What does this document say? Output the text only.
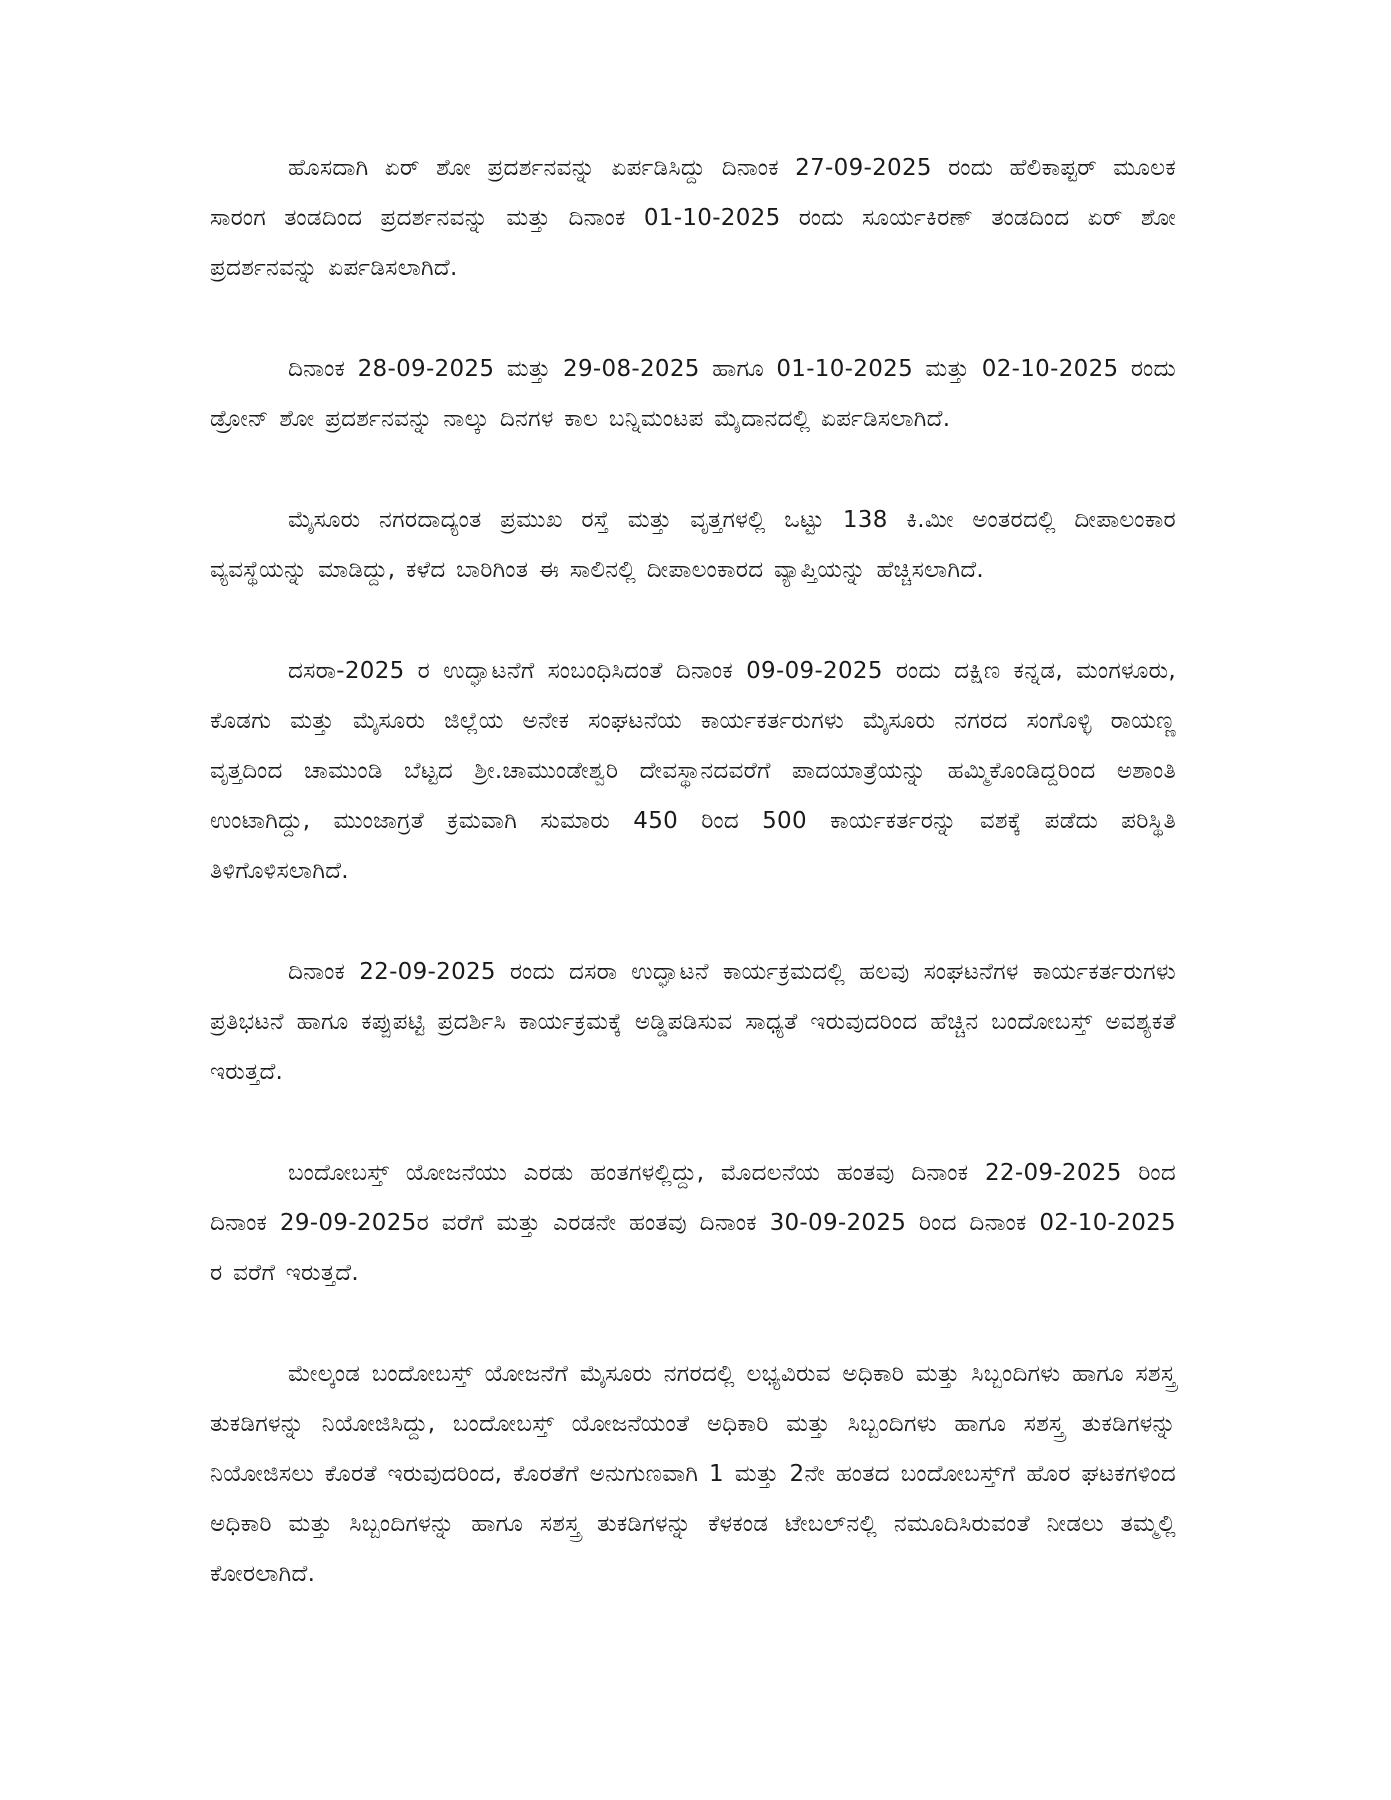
ಹೊಸದಾಗಿ ಏರ್ ಶೋ ಪ್ರದರ್ಶನವನ್ನು ಏರ್ಪಡಿಸಿದ್ದು ದಿನಾಂಕ 27-09-2025 ರಂದು ಹೆಲಿಕಾಪ್ಟರ್ ಮೂಲಕ ಸಾರಂಗ ತಂಡದಿಂದ ಪ್ರದರ್ಶನವನ್ನು ಮತ್ತು ದಿನಾಂಕ 01-10-2025 ರಂದು ಸೂರ್ಯಕಿರಣ್ ತಂಡದಿಂದ ಏರ್ ಶೋ ಪ್ರದರ್ಶನವನ್ನು ಏರ್ಪಡಿಸಲಾಗಿದೆ.

ದಿನಾಂಕ 28-09-2025 ಮತ್ತು 29-08-2025 ಹಾಗೂ 01-10-2025 ಮತ್ತು 02-10-2025 ರಂದು ಡ್ರೋನ್ ಶೋ ಪ್ರದರ್ಶನವನ್ನು ನಾಲ್ಕು ದಿನಗಳ ಕಾಲ ಬನ್ನಿಮಂಟಪ ಮೈದಾನದಲ್ಲಿ ಏರ್ಪಡಿಸಲಾಗಿದೆ.

ಮೈಸೂರು ನಗರದಾದ್ಯಂತ ಪ್ರಮುಖ ರಸ್ತೆ ಮತ್ತು ವೃತ್ತಗಳಲ್ಲಿ ಒಟ್ಟು 138 ಕಿ.ಮೀ ಅಂತರದಲ್ಲಿ ದೀಪಾಲಂಕಾರ ವ್ಯವಸ್ಥೆಯನ್ನು ಮಾಡಿದ್ದು, ಕಳೆದ ಬಾರಿಗಿಂತ ಈ ಸಾಲಿನಲ್ಲಿ ದೀಪಾಲಂಕಾರದ ವ್ಯಾಪ್ತಿಯನ್ನು ಹೆಚ್ಚಿಸಲಾಗಿದೆ.

ದಸರಾ-2025 ರ ಉದ್ಘಾಟನೆಗೆ ಸಂಬಂಧಿಸಿದಂತೆ ದಿನಾಂಕ 09-09-2025 ರಂದು ದಕ್ಷಿಣ ಕನ್ನಡ, ಮಂಗಳೂರು, ಕೊಡಗು ಮತ್ತು ಮೈಸೂರು ಜಿಲ್ಲೆಯ ಅನೇಕ ಸಂಘಟನೆಯ ಕಾರ್ಯಕರ್ತರುಗಳು ಮೈಸೂರು ನಗರದ ಸಂಗೊಳ್ಳಿ ರಾಯಣ್ಣ ವೃತ್ತದಿಂದ ಚಾಮುಂಡಿ ಬೆಟ್ಟದ ಶ್ರೀ.ಚಾಮುಂಡೇಶ್ವರಿ ದೇವಸ್ಥಾನದವರೆಗೆ ಪಾದಯಾತ್ರೆಯನ್ನು ಹಮ್ಮಿಕೊಂಡಿದ್ದರಿಂದ ಅಶಾಂತಿ ಉಂಟಾಗಿದ್ದು, ಮುಂಜಾಗ್ರತೆ ಕ್ರಮವಾಗಿ ಸುಮಾರು 450 ರಿಂದ 500 ಕಾರ್ಯಕರ್ತರನ್ನು ವಶಕ್ಕೆ ಪಡೆದು ಪರಿಸ್ಥಿತಿ ತಿಳಿಗೊಳಿಸಲಾಗಿದೆ.

ದಿನಾಂಕ 22-09-2025 ರಂದು ದಸರಾ ಉದ್ಘಾಟನೆ ಕಾರ್ಯಕ್ರಮದಲ್ಲಿ ಹಲವು ಸಂಘಟನೆಗಳ ಕಾರ್ಯಕರ್ತರುಗಳು ಪ್ರತಿಭಟನೆ ಹಾಗೂ ಕಪ್ಪುಪಟ್ಟಿ ಪ್ರದರ್ಶಿಸಿ ಕಾರ್ಯಕ್ರಮಕ್ಕೆ ಅಡ್ಡಿಪಡಿಸುವ ಸಾಧ್ಯತೆ ಇರುವುದರಿಂದ ಹೆಚ್ಚಿನ ಬಂದೋಬಸ್ತ್ ಅವಶ್ಯಕತೆ ಇರುತ್ತದೆ.

ಬಂದೋಬಸ್ತ್ ಯೋಜನೆಯು ಎರಡು ಹಂತಗಳಲ್ಲಿದ್ದು, ಮೊದಲನೆಯ ಹಂತವು ದಿನಾಂಕ 22-09-2025 ರಿಂದ ದಿನಾಂಕ 29-09-2025ರ ವರೆಗೆ ಮತ್ತು ಎರಡನೇ ಹಂತವು ದಿನಾಂಕ 30-09-2025 ರಿಂದ ದಿನಾಂಕ 02-10-2025 ರ ವರೆಗೆ ಇರುತ್ತದೆ.

ಮೇಲ್ಕಂಡ ಬಂದೋಬಸ್ತ್ ಯೋಜನೆಗೆ ಮೈಸೂರು ನಗರದಲ್ಲಿ ಲಭ್ಯವಿರುವ ಅಧಿಕಾರಿ ಮತ್ತು ಸಿಬ್ಬಂದಿಗಳು ಹಾಗೂ ಸಶಸ್ತ್ರ ತುಕಡಿಗಳನ್ನು ನಿಯೋಜಿಸಿದ್ದು, ಬಂದೋಬಸ್ತ್ ಯೋಜನೆಯಂತೆ ಅಧಿಕಾರಿ ಮತ್ತು ಸಿಬ್ಬಂದಿಗಳು ಹಾಗೂ ಸಶಸ್ತ್ರ ತುಕಡಿಗಳನ್ನು ನಿಯೋಜಿಸಲು ಕೊರತೆ ಇರುವುದರಿಂದ, ಕೊರತೆಗೆ ಅನುಗುಣವಾಗಿ 1 ಮತ್ತು 2ನೇ ಹಂತದ ಬಂದೋಬಸ್ತ್‌ಗೆ ಹೊರ ಘಟಕಗಳಿಂದ ಅಧಿಕಾರಿ ಮತ್ತು ಸಿಬ್ಬಂದಿಗಳನ್ನು ಹಾಗೂ ಸಶಸ್ತ್ರ ತುಕಡಿಗಳನ್ನು ಕೆಳಕಂಡ ಟೇಬಲ್‌ನಲ್ಲಿ ನಮೂದಿಸಿರುವಂತೆ ನೀಡಲು ತಮ್ಮಲ್ಲಿ ಕೋರಲಾಗಿದೆ.
